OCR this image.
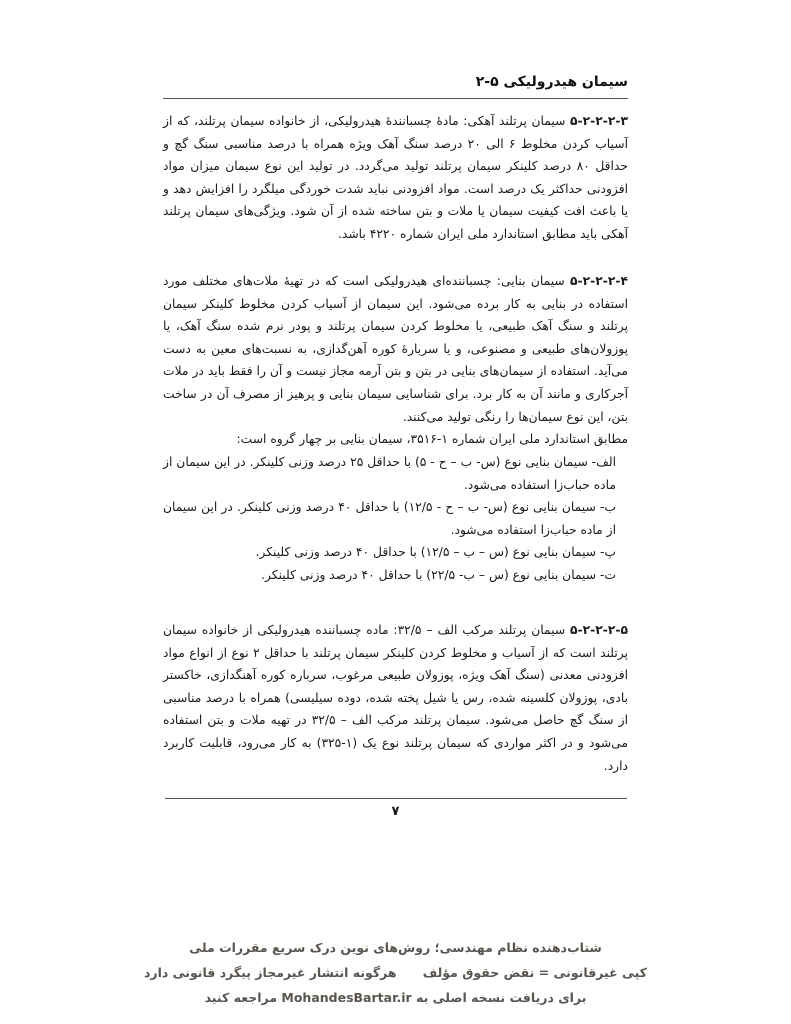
۲-۵ سیمان هیدرولیکی

۵-۲-۲-۲-۳ سیمان پرتلند آهکی: مادهٔ چسبانندهٔ هیدرولیکی، از خانواده سیمان پرتلند، که از آسیاب کردن مخلوط ۶ الی ۲۰ درصد سنگ آهک ویژه همراه با درصد مناسبی سنگ گچ و حداقل ۸۰ درصد کلینکر سیمان پرتلند تولید می‌گردد. در تولید این نوع سیمان میزان مواد افزودنی حداکثر یک درصد است. مواد افزودنی نباید شدت خوردگی میلگرد را افزایش دهد و یا باعث افت کیفیت سیمان یا ملات و بتن ساخته شده از آن شود. ویژگی‌های سیمان پرتلند آهکی باید مطابق استاندارد ملی ایران شماره ۴۲۲۰ باشد.

۵-۲-۲-۲-۴ سیمان بنایی: چسباننده‌ای هیدرولیکی است که در تهیهٔ ملات‌های مختلف مورد استفاده در بنایی به کار برده می‌شود. این سیمان از آسیاب کردن مخلوط کلینکر سیمان پرتلند و سنگ آهک طبیعی، یا مخلوط کردن سیمان پرتلند و پودر نرم شده سنگ آهک، یا پوزولان‌های طبیعی و مصنوعی، و یا سربارهٔ کوره آهن‌گدازی، به نسبت‌های معین به دست می‌آید. استفاده از سیمان‌های بنایی در بتن و بتن آرمه مجاز نیست و آن را فقط باید در ملات آجرکاری و مانند آن به کار برد. برای شناسایی سیمان بنایی و پرهیز از مصرف آن در ساخت بتن، این نوع سیمان‌ها را رنگی تولید می‌کنند.

مطابق استاندارد ملی ایران شماره ۱-۳۵۱۶، سیمان بنایی بر چهار گروه است:

الف- سیمان بنایی نوع (س- ب – ح - ۵) با حداقل ۲۵ درصد وزنی کلینکر. در این سیمان از ماده حباب‌زا استفاده می‌شود.
ب- سیمان بنایی نوع (س- ب – ح - ۱۲/۵) با حداقل ۴۰ درصد وزنی کلینکر. در این سیمان از ماده حباب‌زا استفاده می‌شود.
پ- سیمان بنایی نوع (س – ب – ۱۲/۵) با حداقل ۴۰ درصد وزنی کلینکر.
ت- سیمان بنایی نوع (س – ب- ۲۲/۵) با حداقل ۴۰ درصد وزنی کلینکر.

۵-۲-۲-۲-۵ سیمان پرتلند مرکب الف – ۳۲/۵: ماده چسباننده هیدرولیکی از خانواده سیمان پرتلند است که از آسیاب و مخلوط کردن کلینکر سیمان پرتلند با حداقل ۲ نوع از انواع مواد افزودنی معدنی (سنگ آهک ویژه، پوزولان طبیعی مرغوب، سرباره کوره آهنگدازی، خاکستر بادی، پوزولان کلسینه شده، رس یا شیل پخته شده، دوده سیلیسی) همراه با درصد مناسبی از سنگ گچ حاصل می‌شود. سیمان پرتلند مرکب الف – ۳۲/۵ در تهیه ملات و بتن استفاده می‌شود و در اکثر مواردی که سیمان پرتلند نوع یک (۱-۳۲۵) به کار می‌رود، قابلیت کاربرد دارد.

۷
شتاب‌دهنده نظام مهندسی؛ روش‌های نوین درک سریع مقررات ملی
کپی غیرقانونی = نقض حقوق مؤلف      هرگونه انتشار غیرمجاز پیگرد قانونی دارد
برای دریافت نسخه اصلی به MohandesBartar.ir مراجعه کنید
